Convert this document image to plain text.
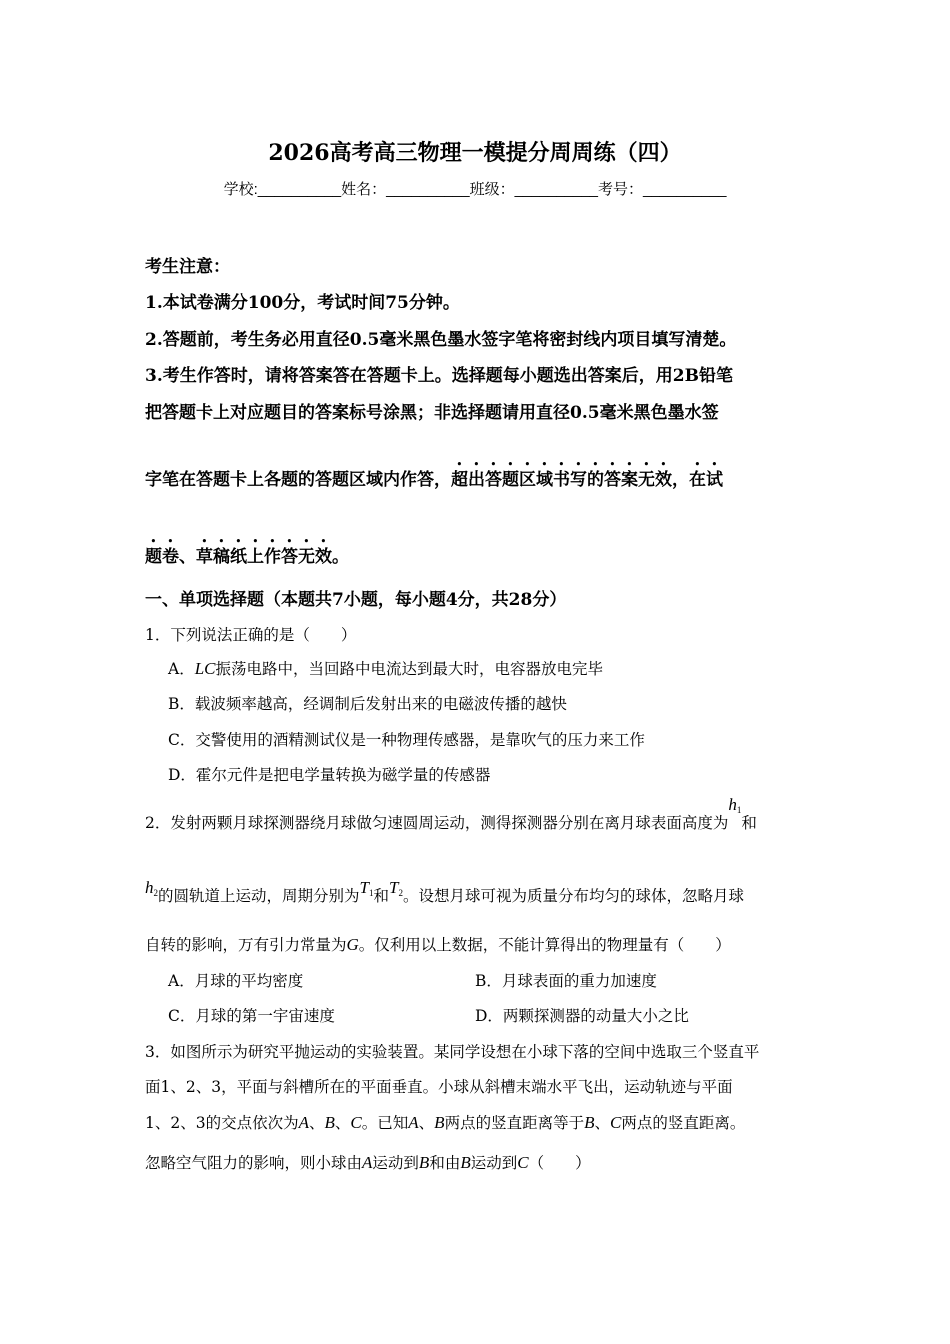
2026高考高三物理一模提分周周练（四）
学校:__________姓名：__________班级：__________考号：__________
考生注意：
1.本试卷满分100分，考试时间75分钟。
2.答题前，考生务必用直径0.5毫米黑色墨水签字笔将密封线内项目填写清楚。
3.考生作答时，请将答案答在答题卡上。选择题每小题选出答案后，用2B铅笔
把答题卡上对应题目的答案标号涂黑；非选择题请用直径0.5毫米黑色墨水签
字笔在答题卡上各题的答题区域内作答，超出答题区域书写的答案无效，在试
题卷、草稿纸上作答无效。
一、单项选择题（本题共7小题，每小题4分，共28分）
1．下列说法正确的是（　　）
A．LC振荡电路中，当回路中电流达到最大时，电容器放电完毕
B．载波频率越高，经调制后发射出来的电磁波传播的越快
C．交警使用的酒精测试仪是一种物理传感器，是靠吹气的压力来工作
D．霍尔元件是把电学量转换为磁学量的传感器
2．发射两颗月球探测器绕月球做匀速圆周运动，测得探测器分别在离月球表面高度为$h_1$和
$h_2$的圆轨道上运动，周期分别为$T_1$和$T_2$。设想月球可视为质量分布均匀的球体，忽略月球
自转的影响，万有引力常量为G。仅利用以上数据，不能计算得出的物理量有（　　）
A．月球的平均密度	B．月球表面的重力加速度
C．月球的第一宇宙速度	D．两颗探测器的动量大小之比
3．如图所示为研究平抛运动的实验装置。某同学设想在小球下落的空间中选取三个竖直平
面1、2、3，平面与斜槽所在的平面垂直。小球从斜槽末端水平飞出，运动轨迹与平面
1、2、3的交点依次为A、B、C。已知A、B两点的竖直距离等于B、C两点的竖直距离。
忽略空气阻力的影响，则小球由A运动到B和由B运动到C（　　）
